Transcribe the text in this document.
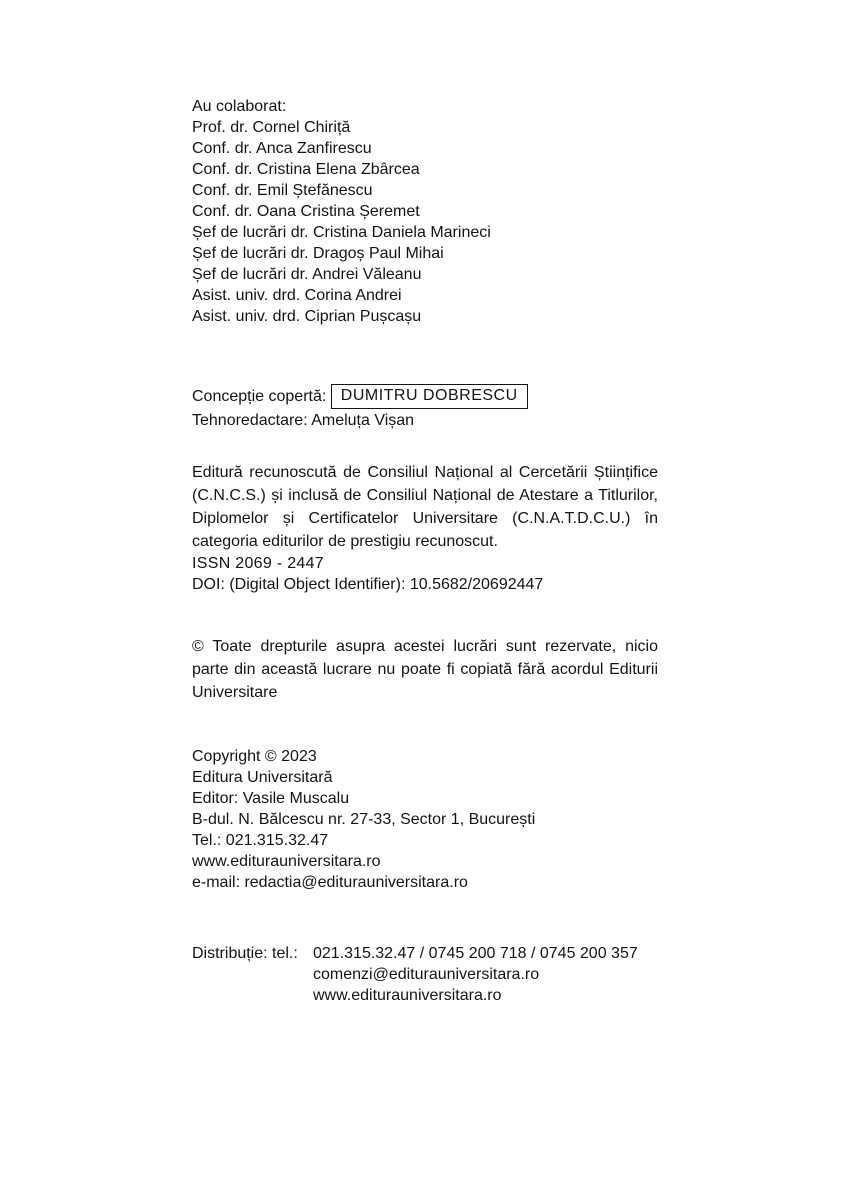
Au colaborat:
Prof. dr. Cornel Chiriță
Conf. dr. Anca Zanfirescu
Conf. dr. Cristina Elena Zbârcea
Conf. dr. Emil Ștefănescu
Conf. dr. Oana Cristina Șeremet
Șef de lucrări dr. Cristina Daniela Marineci
Șef de lucrări dr. Dragoș Paul Mihai
Șef de lucrări dr. Andrei Văleanu
Asist. univ. drd. Corina Andrei
Asist. univ. drd. Ciprian Pușcașu
Concepție copertă: DUMITRU DOBRESCU
Tehnoredactare: Ameluța Vișan

Editură recunoscută de Consiliul Național al Cercetării Științifice (C.N.C.S.) și inclusă de Consiliul Național de Atestare a Titlurilor, Diplomelor și Certificatelor Universitare (C.N.A.T.D.C.U.) în categoria editurilor de prestigiu recunoscut.

ISSN 2069 - 2447
DOI: (Digital Object Identifier): 10.5682/20692447

© Toate drepturile asupra acestei lucrări sunt rezervate, nicio parte din această lucrare nu poate fi copiată fără acordul Editurii Universitare

Copyright © 2023
Editura Universitară
Editor: Vasile Muscalu
B-dul. N. Bălcescu nr. 27-33, Sector 1, București
Tel.: 021.315.32.47
www.editurauniversitara.ro
e-mail: redactia@editurauniversitara.ro
Distribuție: tel.: 021.315.32.47 / 0745 200 718 / 0745 200 357
comenzi@editurauniversitara.ro
www.editurauniversitara.ro
